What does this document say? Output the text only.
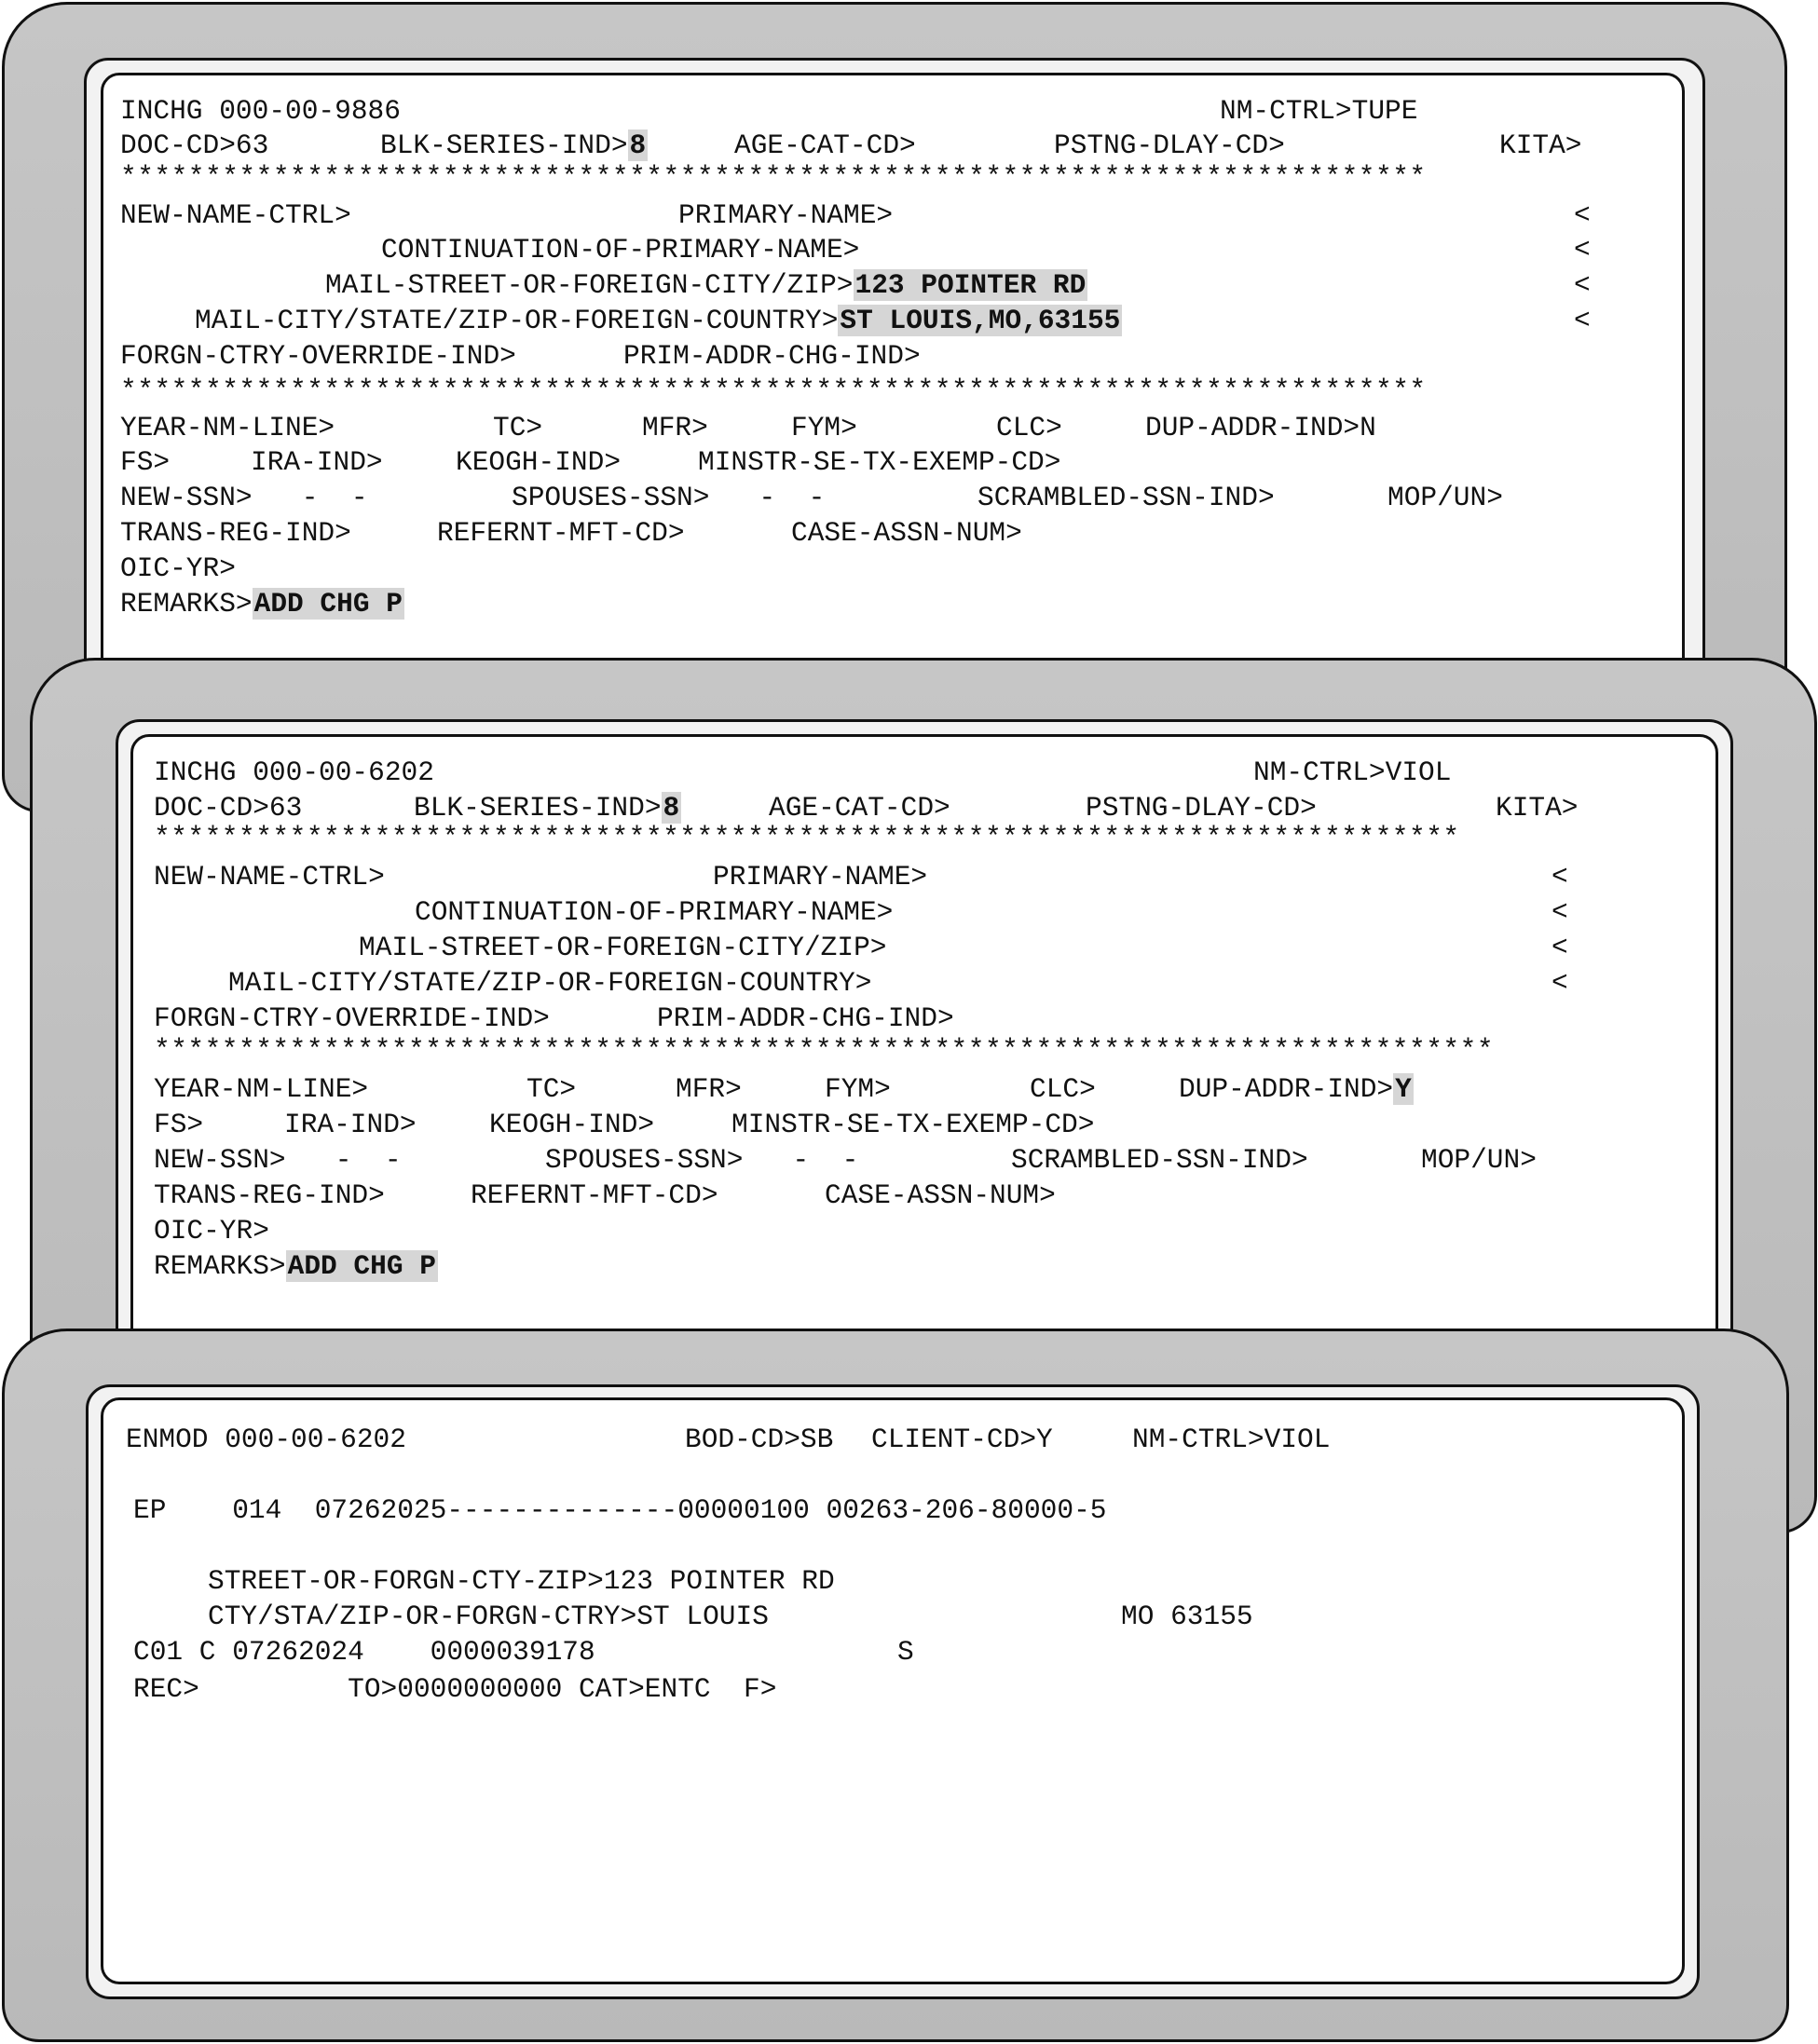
INCHG 000-00-9886	NM-CTRL>TUPE
DOC-CD>63	BLK-SERIES-IND>8	AGE-CAT-CD>	PSTNG-DLAY-CD>	KITA>
*****************************************************************************
NEW-NAME-CTRL>	PRIMARY-NAME>	<
CONTINUATION-OF-PRIMARY-NAME>	<
MAIL-STREET-OR-FOREIGN-CITY/ZIP>123 POINTER RD	<
MAIL-CITY/STATE/ZIP-OR-FOREIGN-COUNTRY>ST LOUIS,MO,63155	<
FORGN-CTRY-OVERRIDE-IND>	PRIM-ADDR-CHG-IND>
*****************************************************************************
YEAR-NM-LINE>	TC>	MFR>	FYM>	CLC>	DUP-ADDR-IND>N
FS>	IRA-IND>	KEOGH-IND>	MINSTR-SE-TX-EXEMP-CD>
NEW-SSN>   -  -	SPOUSES-SSN>   -  -	SCRAMBLED-SSN-IND>	MOP/UN>
TRANS-REG-IND>	REFERNT-MFT-CD>	CASE-ASSN-NUM>
OIC-YR>
REMARKS>ADD CHG P
INCHG 000-00-6202	NM-CTRL>VIOL
DOC-CD>63	BLK-SERIES-IND>8	AGE-CAT-CD>	PSTNG-DLAY-CD>	KITA>
*****************************************************************************
NEW-NAME-CTRL>	PRIMARY-NAME>	<
CONTINUATION-OF-PRIMARY-NAME>	<
MAIL-STREET-OR-FOREIGN-CITY/ZIP>	<
MAIL-CITY/STATE/ZIP-OR-FOREIGN-COUNTRY>	<
FORGN-CTRY-OVERRIDE-IND>	PRIM-ADDR-CHG-IND>
*******************************************************************************
YEAR-NM-LINE>	TC>	MFR>	FYM>	CLC>	DUP-ADDR-IND>Y
FS>	IRA-IND>	KEOGH-IND>	MINSTR-SE-TX-EXEMP-CD>
NEW-SSN>   -  -	SPOUSES-SSN>   -  -	SCRAMBLED-SSN-IND>	MOP/UN>
TRANS-REG-IND>	REFERNT-MFT-CD>	CASE-ASSN-NUM>
OIC-YR>
REMARKS>ADD CHG P
ENMOD 000-00-6202	BOD-CD>SB CLIENT-CD>Y	NM-CTRL>VIOL
EP    014  07262025--------------00000100 00263-206-80000-5
STREET-OR-FORGN-CTY-ZIP>123 POINTER RD
CTY/STA/ZIP-OR-FORGN-CTRY>ST LOUIS	MO 63155
C01 C 07262024    0000039178	S
REC>         TO>0000000000 CAT>ENTC  F>
